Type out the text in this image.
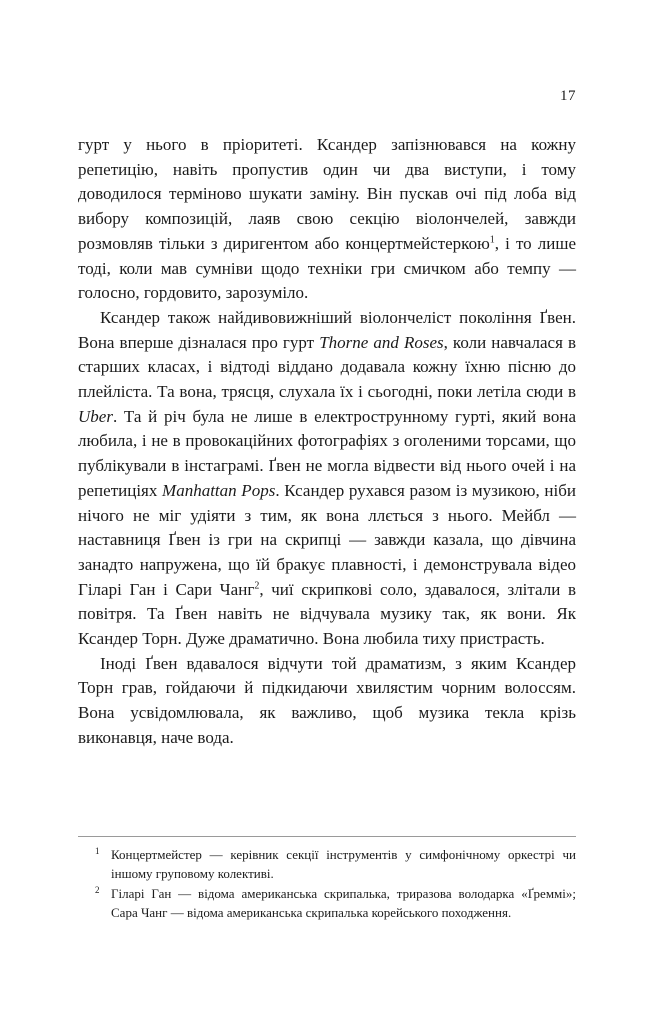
17

гурт у нього в пріоритеті. Ксандер запізнювався на кожну репетицію, навіть пропустив один чи два виступи, і тому доводилося терміново шукати заміну. Він пускав очі під лоба від вибору композицій, лаяв свою секцію віолончелей, завжди розмовляв тільки з диригентом або концертмейстеркою$^1$, і то лише тоді, коли мав сумніви щодо техніки гри смичком або темпу — голосно, гордовито, зарозуміло.

Ксандер також найдивовижніший віолончеліст покоління Ґвен. Вона вперше дізналася про гурт Thorne and Roses, коли навчалася в старших класах, і відтоді віддано додавала кожну їхню пісню до плейліста. Та вона, трясця, слухала їх і сьогодні, поки летіла сюди в Uber. Та й річ була не лише в електрострунному гурті, який вона любила, і не в провокаційних фотографіях з оголеними торсами, що публікували в інстаграмі. Ґвен не могла відвести від нього очей і на репетиціях Manhattan Pops. Ксандер рухався разом із музикою, ніби нічого не міг удіяти з тим, як вона ллється з нього. Мейбл — наставниця Ґвен із гри на скрипці — завжди казала, що дівчина занадто напружена, що їй бракує плавності, і демонструвала відео Гіларі Ган і Сари Чанг$^2$, чиї скрипкові соло, здавалося, злітали в повітря. Та Ґвен навіть не відчувала музику так, як вони. Як Ксандер Торн. Дуже драматично. Вона любила тиху пристрасть.

Іноді Ґвен вдавалося відчути той драматизм, з яким Ксандер Торн грав, гойдаючи й підкидаючи хвилястим чорним волоссям. Вона усвідомлювала, як важливо, щоб музика текла крізь виконавця, наче вода.

1 Концертмейстер — керівник секції інструментів у симфонічному оркестрі чи іншому груповому колективі.
2 Гіларі Ган — відома американська скрипалька, триразова володарка «Ґреммі»; Сара Чанг — відома американська скрипалька корейського походження.
